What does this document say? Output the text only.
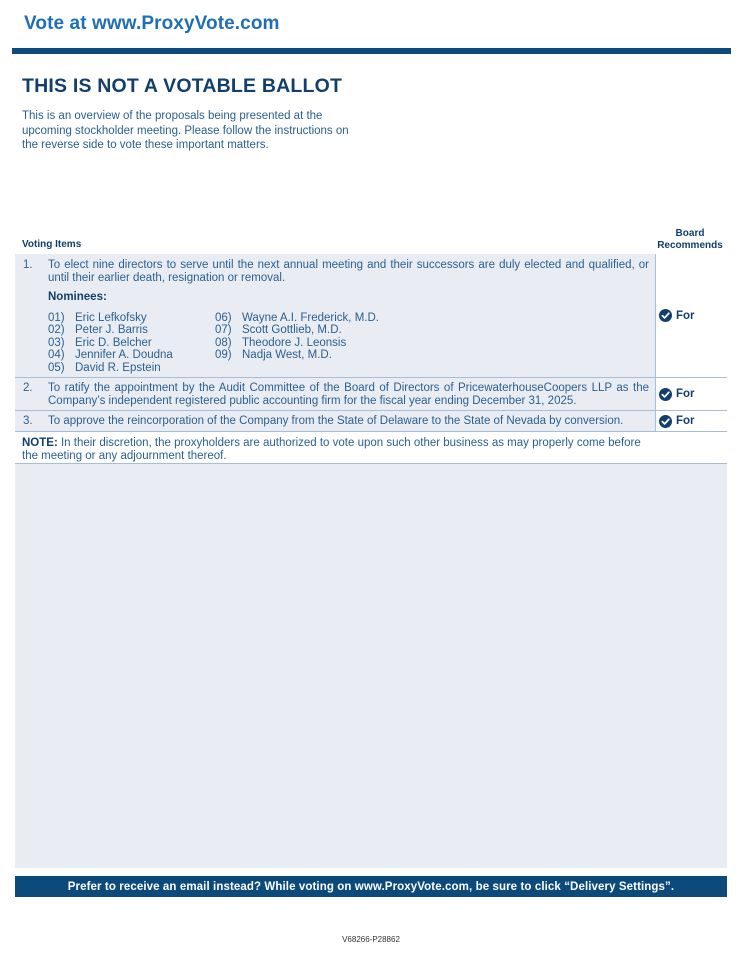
Vote at www.ProxyVote.com
THIS IS NOT A VOTABLE BALLOT
This is an overview of the proposals being presented at the upcoming stockholder meeting. Please follow the instructions on the reverse side to vote these important matters.
Voting Items
Board
Recommends
1. To elect nine directors to serve until the next annual meeting and their successors are duly elected and qualified, or until their earlier death, resignation or removal.
Nominees:
01) Eric Lefkofsky
02) Peter J. Barris
03) Eric D. Belcher
04) Jennifer A. Doudna
05) David R. Epstein
06) Wayne A.I. Frederick, M.D.
07) Scott Gottlieb, M.D.
08) Theodore J. Leonsis
09) Nadja West, M.D.
For
2. To ratify the appointment by the Audit Committee of the Board of Directors of PricewaterhouseCoopers LLP as the Company’s independent registered public accounting firm for the fiscal year ending December 31, 2025.
For
3. To approve the reincorporation of the Company from the State of Delaware to the State of Nevada by conversion.	For
NOTE: In their discretion, the proxyholders are authorized to vote upon such other business as may properly come before the meeting or any adjournment thereof.
Prefer to receive an email instead? While voting on www.ProxyVote.com, be sure to click “Delivery Settings”.
V68266-P28862
